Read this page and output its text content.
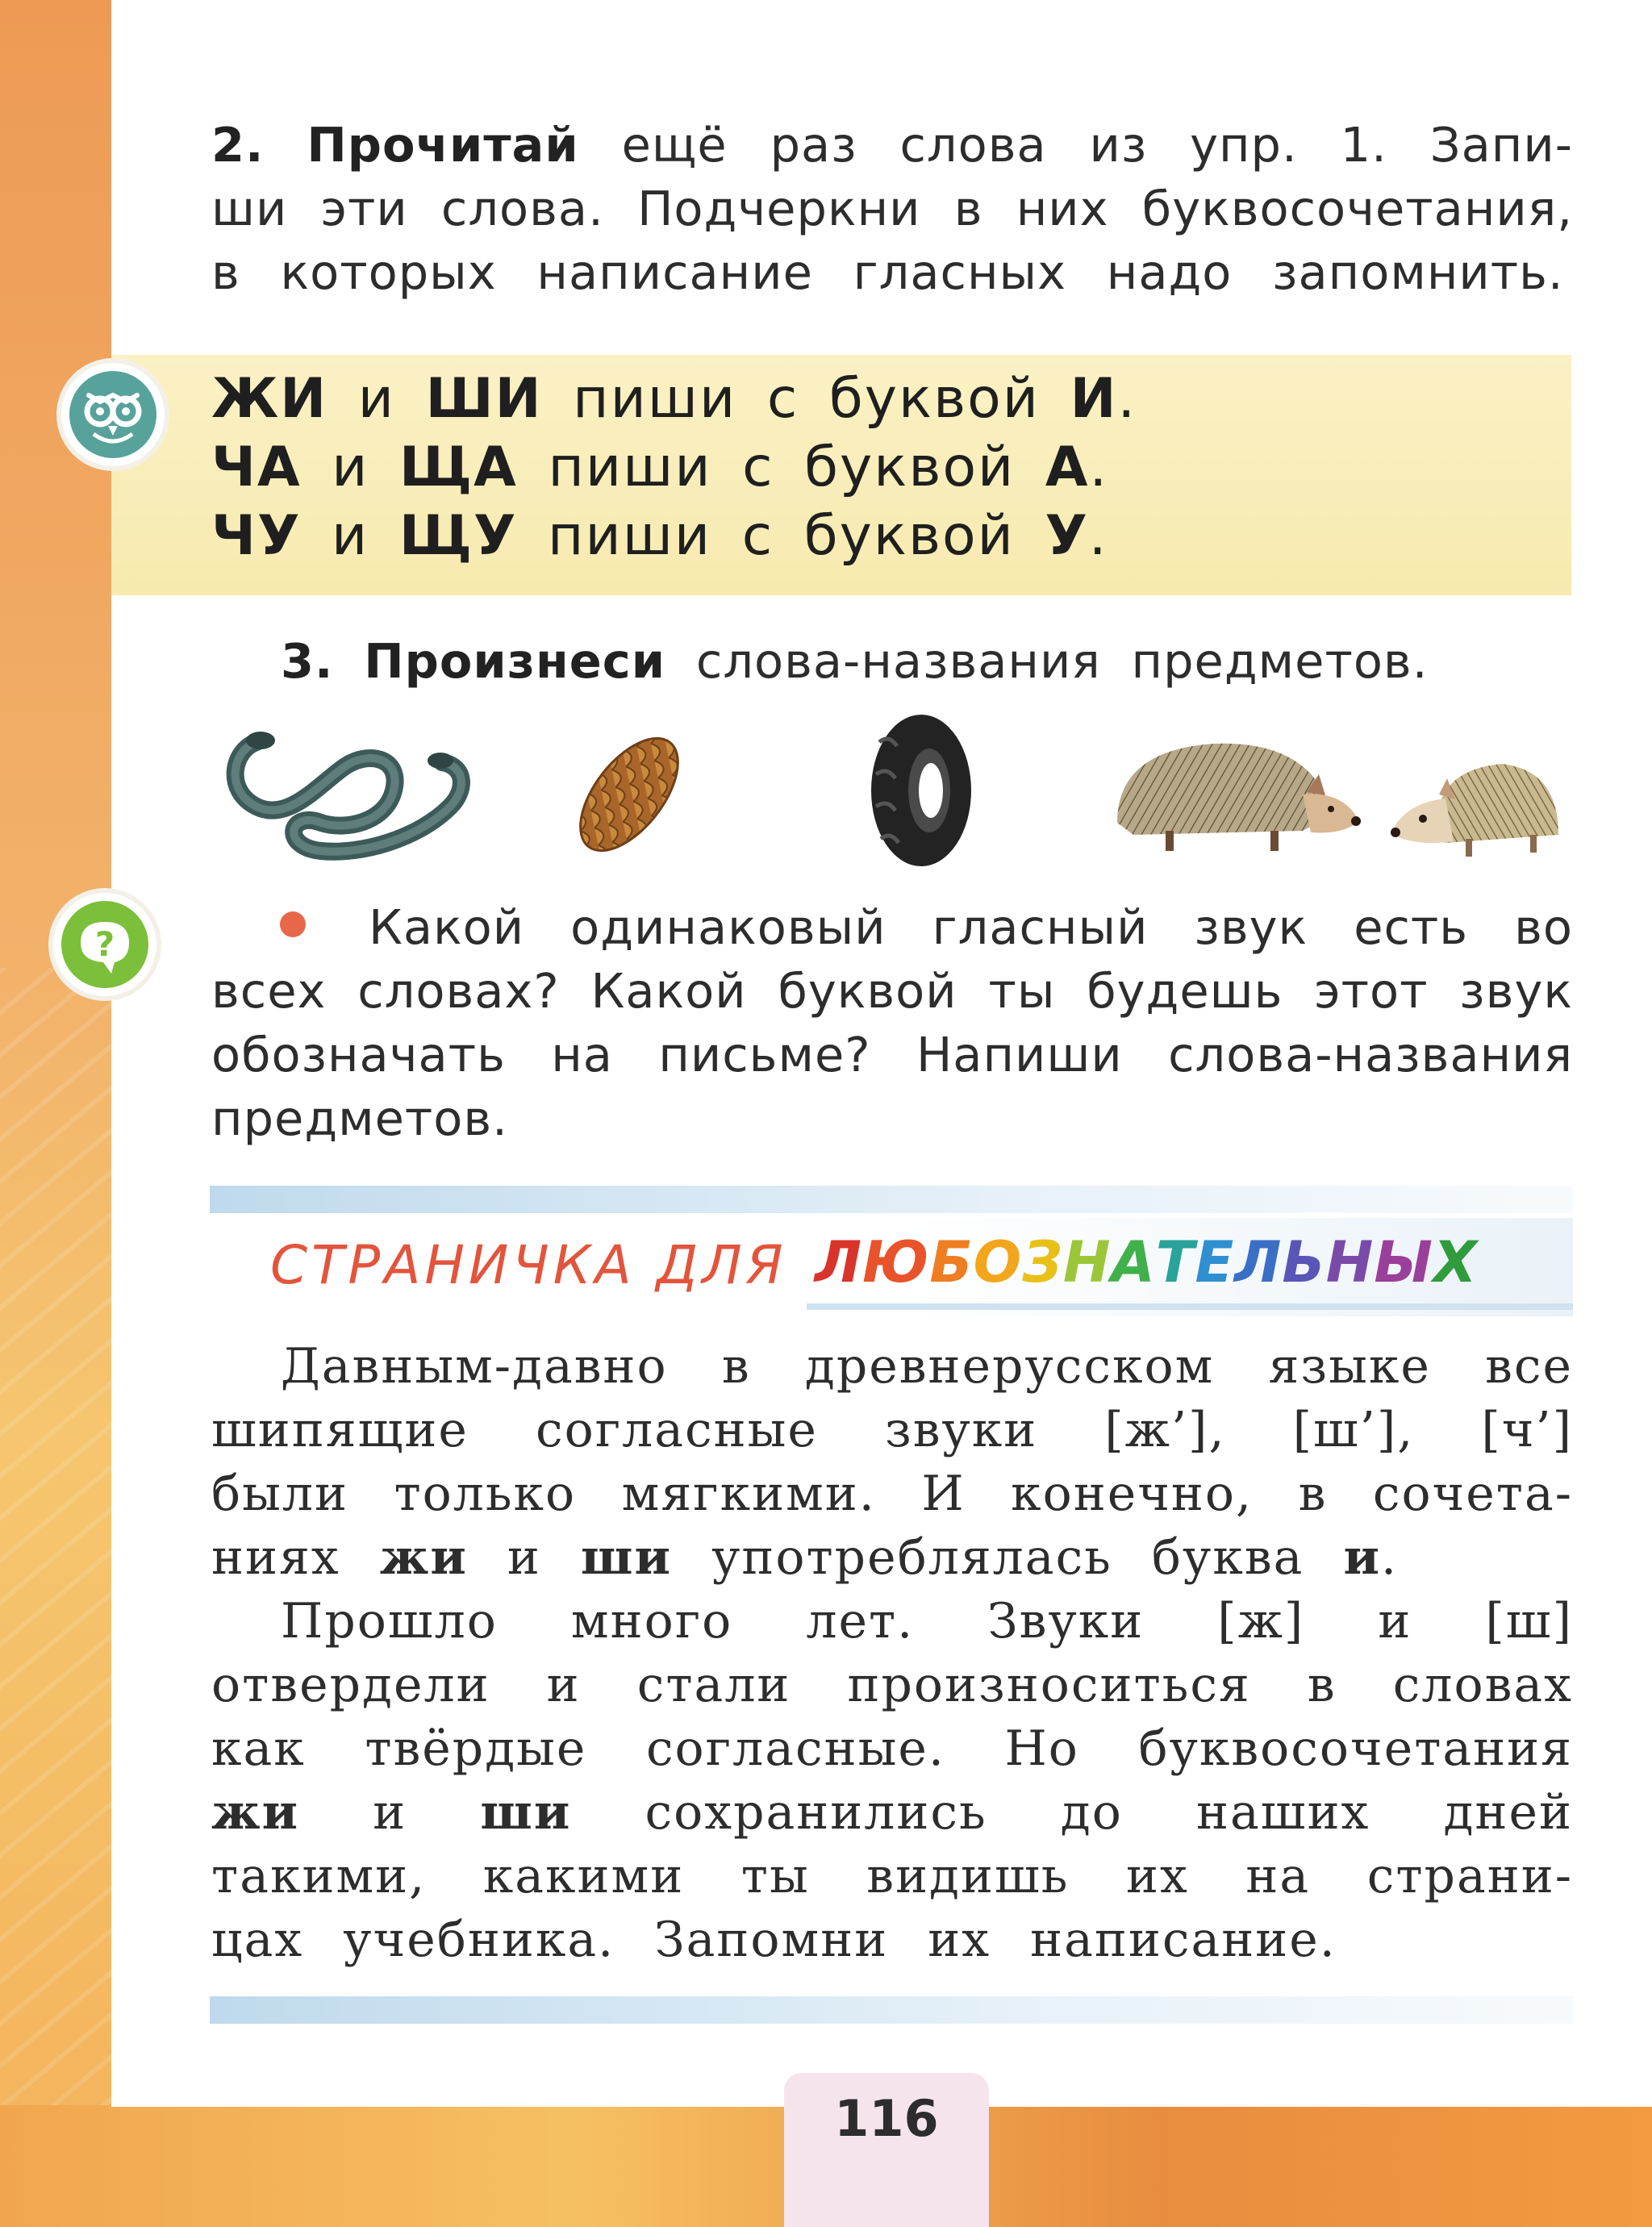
2. Прочитай ещё раз слова из упр. 1. Запи-
ши эти слова. Подчеркни в них буквосочетания,
в которых написание гласных надо запомнить.
ЖИ и ШИ пиши с буквой И.
ЧА и ЩА пиши с буквой А.
ЧУ и ЩУ пиши с буквой У.
3. Произнеси слова-названия предметов.
?	Какой одинаковый гласный звук есть во
всех словах? Какой буквой ты будешь этот звук
обозначать на письме? Напиши слова-названия
предметов.
СТРАНИЧКА ДЛЯ ЛЮБОЗНАТЕЛЬНЫХ
Давным-давно в древнерусском языке все
шипящие согласные звуки [ж’], [ш’], [ч’]
были только мягкими. И конечно, в сочета-
ниях жи и ши употреблялась буква и.
Прошло много лет. Звуки [ж] и [ш]
отвердели и стали произноситься в словах
как твёрдые согласные. Но буквосочетания
жи и ши сохранились до наших дней
такими, какими ты видишь их на страни-
цах учебника. Запомни их написание.
116
